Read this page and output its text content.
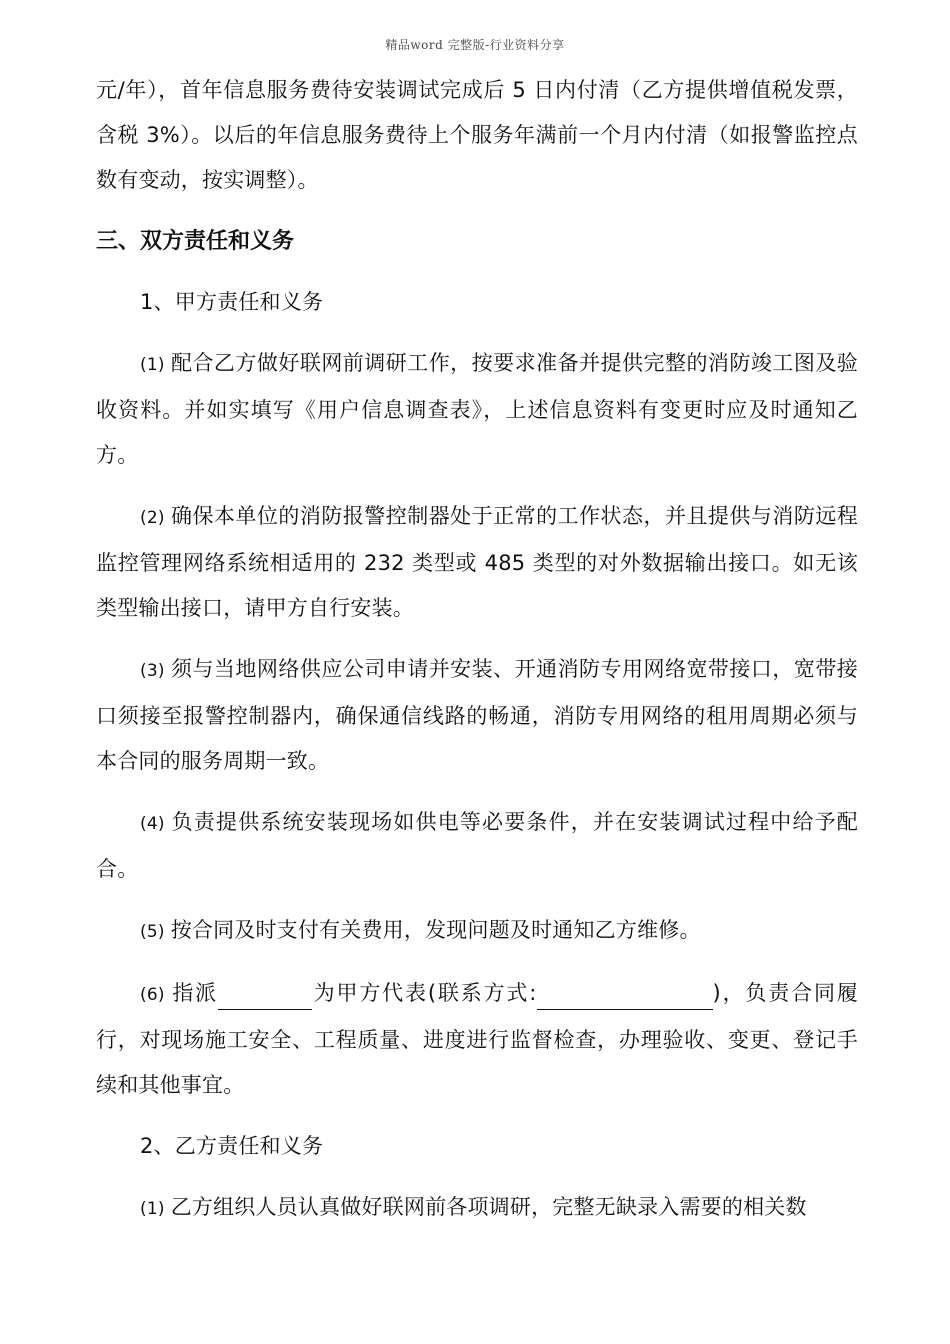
精品word 完整版-行业资料分享

元/年），首年信息服务费待安装调试完成后 5 日内付清（乙方提供增值税发票，含税 3%）。以后的年信息服务费待上个服务年满前一个月内付清（如报警监控点数有变动，按实调整）。

三、双方责任和义务

1、甲方责任和义务

(1) 配合乙方做好联网前调研工作，按要求准备并提供完整的消防竣工图及验收资料。并如实填写《用户信息调查表》，上述信息资料有变更时应及时通知乙方。

(2) 确保本单位的消防报警控制器处于正常的工作状态，并且提供与消防远程监控管理网络系统相适用的 232 类型或 485 类型的对外数据输出接口。如无该类型输出接口，请甲方自行安装。

(3) 须与当地网络供应公司申请并安装、开通消防专用网络宽带接口，宽带接口须接至报警控制器内，确保通信线路的畅通，消防专用网络的租用周期必须与本合同的服务周期一致。

(4) 负责提供系统安装现场如供电等必要条件，并在安装调试过程中给予配合。

(5) 按合同及时支付有关费用，发现问题及时通知乙方维修。

(6) 指派	为甲方代表(联系方式:	)，负责合同履行，对现场施工安全、工程质量、进度进行监督检查，办理验收、变更、登记手续和其他事宜。

2、乙方责任和义务

(1) 乙方组织人员认真做好联网前各项调研，完整无缺录入需要的相关数
